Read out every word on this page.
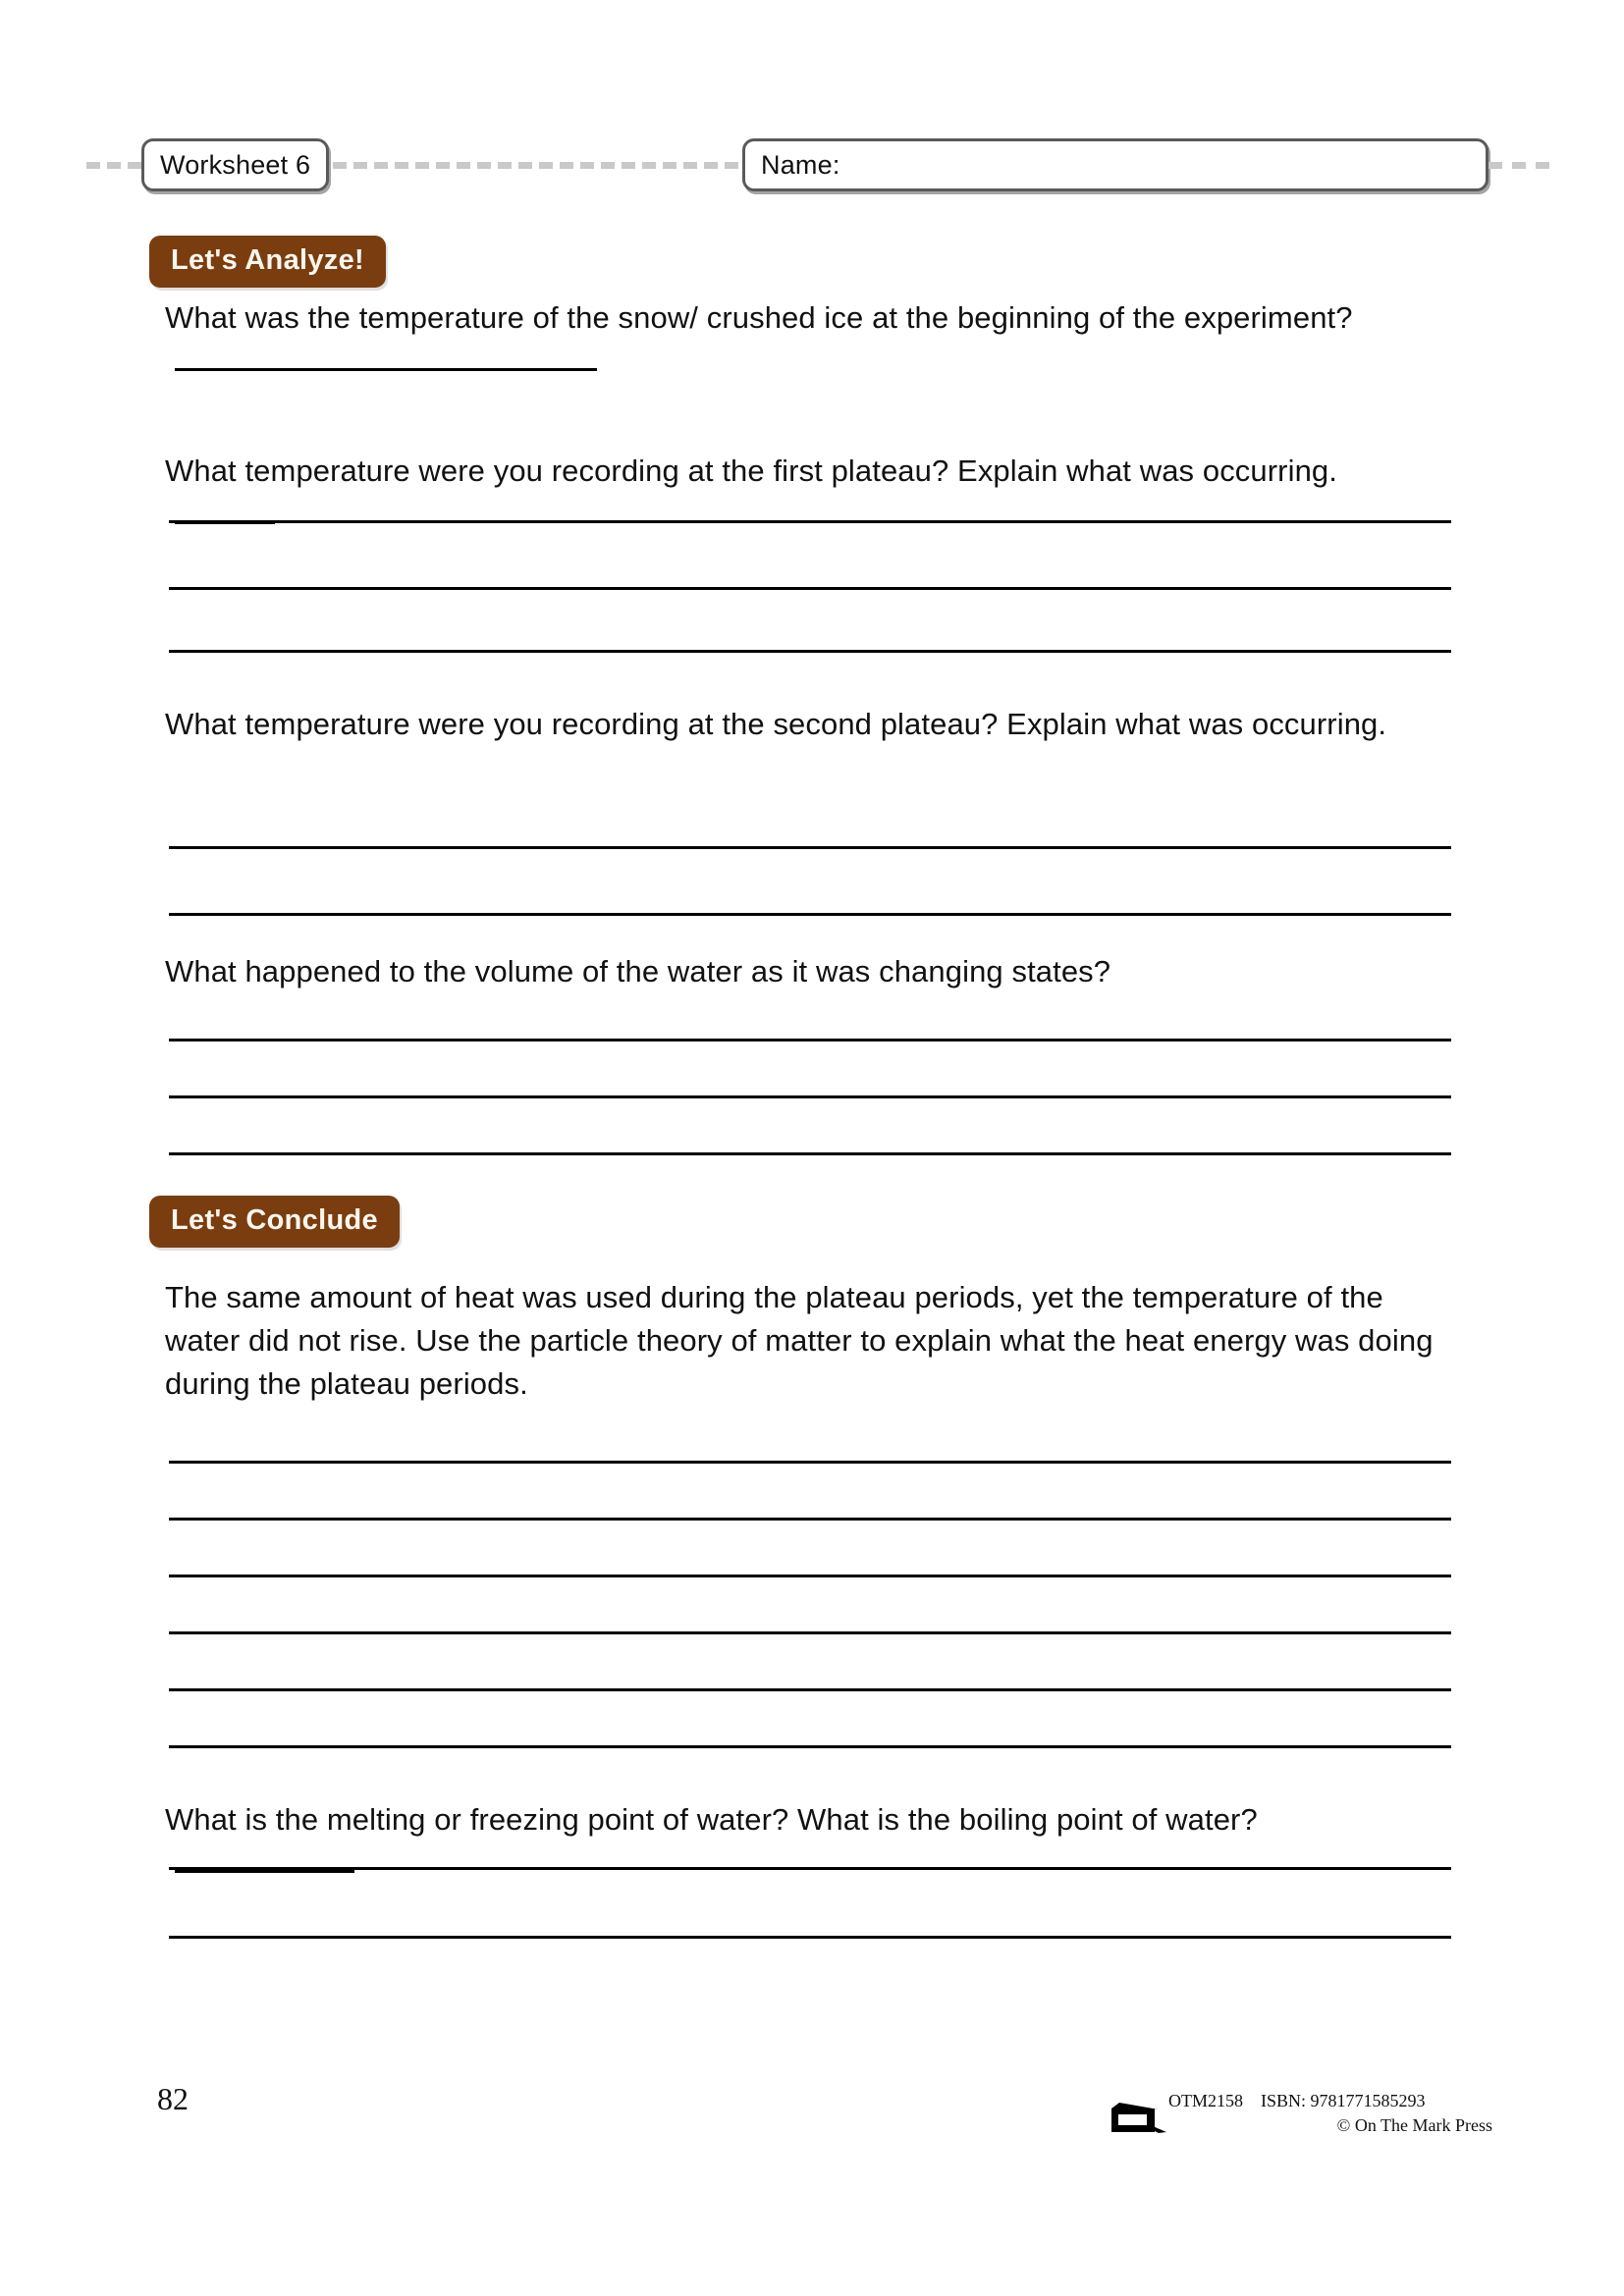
Worksheet 6	Name:
Let's Analyze!
What was the temperature of the snow/ crushed ice at the beginning of the experiment?
What temperature were you recording at the first plateau? Explain what was occurring.
What temperature were you recording at the second plateau? Explain what was occurring.
What happened to the volume of the water as it was changing states?
Let's Conclude
The same amount of heat was used during the plateau periods, yet the temperature of the water did not rise. Use the particle theory of matter to explain what the heat energy was doing during the plateau periods.
What is the melting or freezing point of water? What is the boiling point of water?
82	OTM2158 ISBN: 9781771585293
© On The Mark Press
